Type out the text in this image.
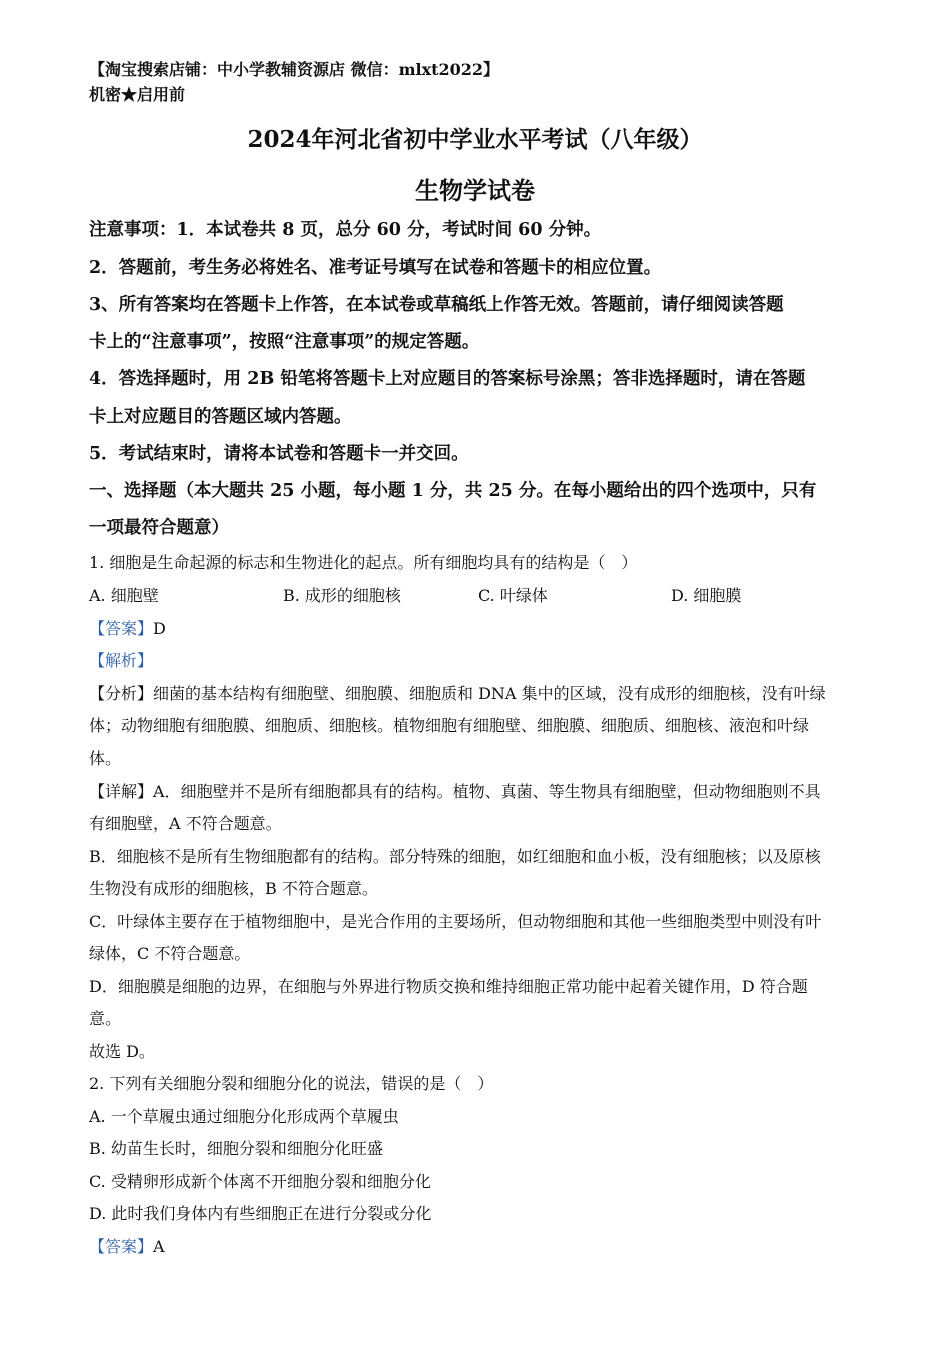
【淘宝搜索店铺：中小学教辅资源店 微信：mlxt2022】
机密★启用前
2024年河北省初中学业水平考试（八年级）
生物学试卷
注意事项：1．本试卷共 8 页，总分 60 分，考试时间 60 分钟。
2．答题前，考生务必将姓名、准考证号填写在试卷和答题卡的相应位置。
3、所有答案均在答题卡上作答，在本试卷或草稿纸上作答无效。答题前，请仔细阅读答题
卡上的“注意事项”，按照“注意事项”的规定答题。
4．答选择题时，用 2B 铅笔将答题卡上对应题目的答案标号涂黑；答非选择题时，请在答题
卡上对应题目的答题区域内答题。
5．考试结束时，请将本试卷和答题卡一并交回。
一、选择题（本大题共 25 小题，每小题 1 分，共 25 分。在每小题给出的四个选项中，只有
一项最符合题意）
1. 细胞是生命起源的标志和生物进化的起点。所有细胞均具有的结构是（　）
A. 细胞壁	B. 成形的细胞核	C. 叶绿体	D. 细胞膜
【答案】D
【解析】
【分析】细菌的基本结构有细胞壁、细胞膜、细胞质和 DNA 集中的区域，没有成形的细胞核，没有叶绿
体；动物细胞有细胞膜、细胞质、细胞核。植物细胞有细胞壁、细胞膜、细胞质、细胞核、液泡和叶绿
体。
【详解】A．细胞壁并不是所有细胞都具有的结构。植物、真菌、等生物具有细胞壁，但动物细胞则不具
有细胞壁，A 不符合题意。
B．细胞核不是所有生物细胞都有的结构。部分特殊的细胞，如红细胞和血小板，没有细胞核；以及原核
生物没有成形的细胞核，B 不符合题意。
C．叶绿体主要存在于植物细胞中，是光合作用的主要场所，但动物细胞和其他一些细胞类型中则没有叶
绿体，C 不符合题意。
D．细胞膜是细胞的边界，在细胞与外界进行物质交换和维持细胞正常功能中起着关键作用，D 符合题
意。
故选 D。
2. 下列有关细胞分裂和细胞分化的说法，错误的是（　）
A. 一个草履虫通过细胞分化形成两个草履虫
B. 幼苗生长时，细胞分裂和细胞分化旺盛
C. 受精卵形成新个体离不开细胞分裂和细胞分化
D. 此时我们身体内有些细胞正在进行分裂或分化
【答案】A
